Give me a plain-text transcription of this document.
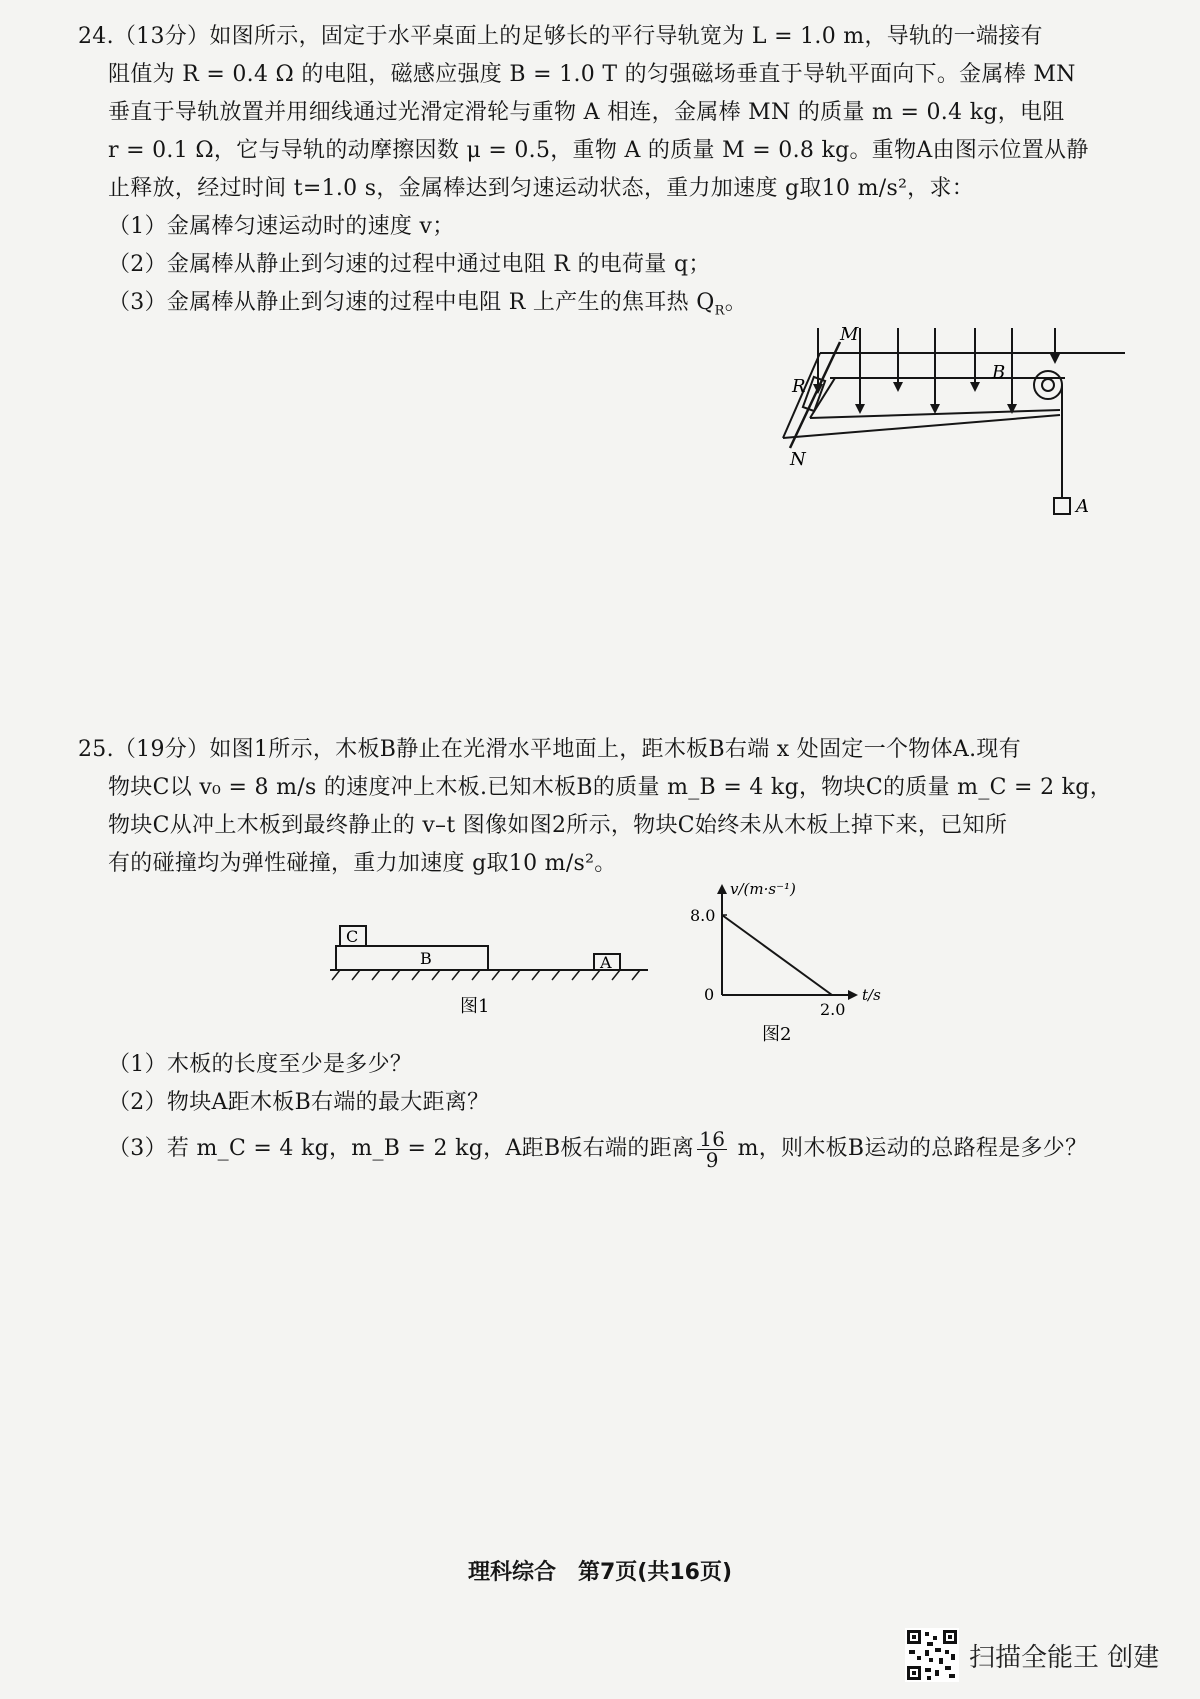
24.（13分）如图所示，固定于水平桌面上的足够长的平行导轨宽为 L = 1.0 m，导轨的一端接有
阻值为 R = 0.4 Ω 的电阻，磁感应强度 B = 1.0 T 的匀强磁场垂直于导轨平面向下。金属棒 MN
垂直于导轨放置并用细线通过光滑定滑轮与重物 A 相连，金属棒 MN 的质量 m = 0.4 kg，电阻
r = 0.1 Ω，它与导轨的动摩擦因数 μ = 0.5，重物 A 的质量 M = 0.8 kg。重物A由图示位置从静
止释放，经过时间 t=1.0 s，金属棒达到匀速运动状态，重力加速度 g取10 m/s²，求：
（1）金属棒匀速运动时的速度 v；
（2）金属棒从静止到匀速的过程中通过电阻 R 的电荷量 q；
（3）金属棒从静止到匀速的过程中电阻 R 上产生的焦耳热 $Q_R$。
M
N
R
B
A
25.（19分）如图1所示，木板B静止在光滑水平地面上，距木板B右端 x 处固定一个物体A.现有
物块C以 v₀ = 8 m/s 的速度冲上木板.已知木板B的质量 m_B = 4 kg，物块C的质量 m_C = 2 kg，
物块C从冲上木板到最终静止的 v–t 图像如图2所示，物块C始终未从木板上掉下来，已知所
有的碰撞均为弹性碰撞，重力加速度 g取10 m/s²。
C
B	A
图1
v/(m·s⁻¹)
t/s
8.0
2.0
0
图2
（1）木板的长度至少是多少？
（2）物块A距木板B右端的最大距离？
（3）若 m_C = 4 kg，m_B = 2 kg，A距B板右端的距离 $\frac{16}{9}$ m，则木板B运动的总路程是多少？
理科综合　第7页(共16页)
扫描全能王 创建
